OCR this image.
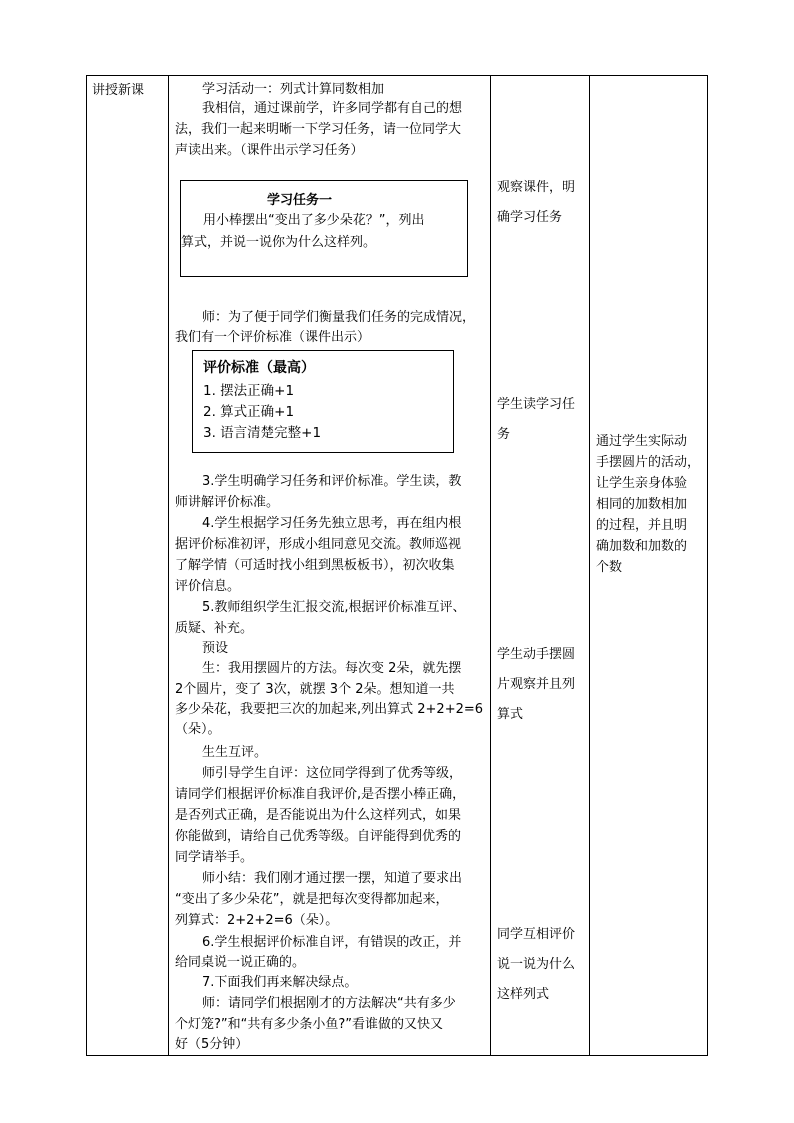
讲授新课	学习活动一：列式计算同数相加
我相信，通过课前学，许多同学都有自己的想
法，我们一起来明晰一下学习任务，请一位同学大
声读出来。（课件出示学习任务）
学习任务一
用小棒摆出“变出了多少朵花？”，列出
算式，并说一说你为什么这样列。
师：为了便于同学们衡量我们任务的完成情况，
我们有一个评价标准（课件出示）
评价标准（最高）
1. 摆法正确+1
2. 算式正确+1
3. 语言清楚完整+1
3.学生明确学习任务和评价标准。学生读，教
师讲解评价标准。
4.学生根据学习任务先独立思考，再在组内根
据评价标准初评，形成小组同意见交流。教师巡视
了解学情（可适时找小组到黑板板书），初次收集
评价信息。
5.教师组织学生汇报交流,根据评价标准互评、
质疑、补充。
预设
生：我用摆圆片的方法。每次变 2朵，就先摆
2个圆片，变了 3次，就摆 3个 2朵。想知道一共
多少朵花，我要把三次的加起来,列出算式 2+2+2=6
（朵）。
生生互评。
师引导学生自评：这位同学得到了优秀等级，
请同学们根据评价标准自我评价,是否摆小棒正确，
是否列式正确，是否能说出为什么这样列式，如果
你能做到，请给自己优秀等级。自评能得到优秀的
同学请举手。
师小结：我们刚才通过摆一摆，知道了要求出
“变出了多少朵花”，就是把每次变得都加起来，
列算式：2+2+2=6（朵）。
6.学生根据评价标准自评，有错误的改正，并
给同桌说一说正确的。
7.下面我们再来解决绿点。
师：请同学们根据刚才的方法解决“共有多少
个灯笼?”和“共有多少条小鱼?”看谁做的又快又
好（5分钟）
观察课件，明
确学习任务
学生读学习任
务
学生动手摆圆
片观察并且列
算式
同学互相评价
说一说为什么
这样列式
通过学生实际动
手摆圆片的活动，
让学生亲身体验
相同的加数相加
的过程，并且明
确加数和加数的
个数
